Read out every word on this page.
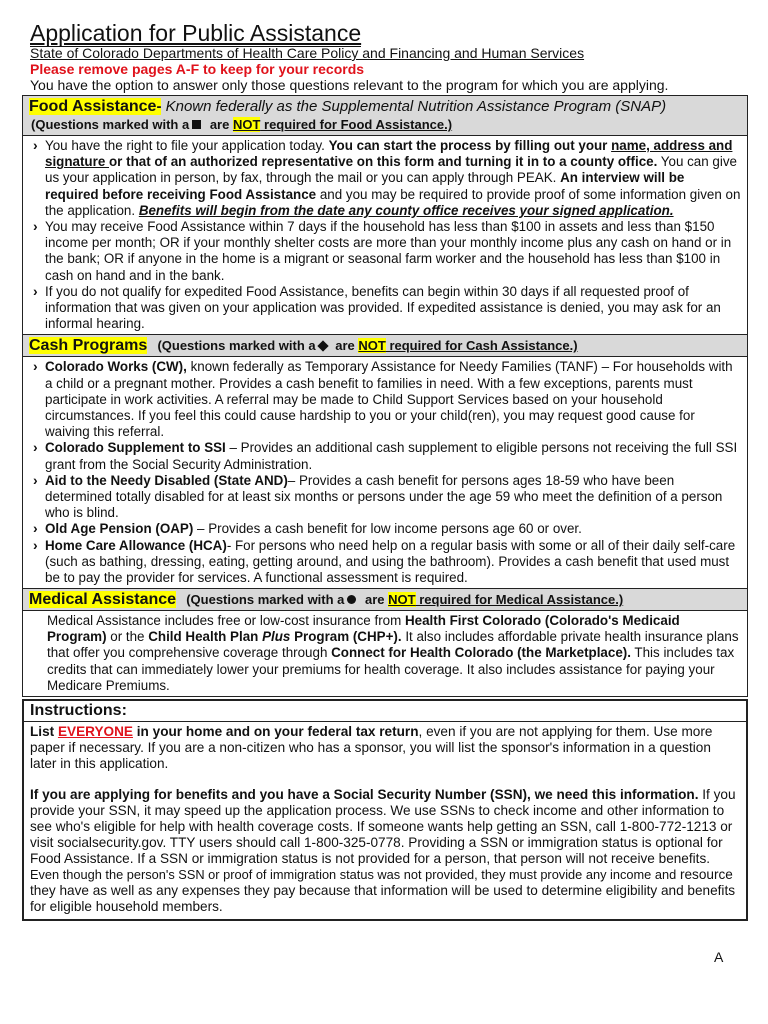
Application for Public Assistance
State of Colorado Departments of Health Care Policy and Financing and Human Services
Please remove pages A-F to keep for your records
You have the option to answer only those questions relevant to the program for which you are applying.
Food Assistance- Known federally as the Supplemental Nutrition Assistance Program (SNAP)
(Questions marked with a are NOT required for Food Assistance.)
› You have the right to file your application today. You can start the process by filling out your name, address and signature or that of an authorized representative on this form and turning it in to a county office. You can give us your application in person, by fax, through the mail or you can apply through PEAK. An interview will be required before receiving Food Assistance and you may be required to provide proof of some information given on the application. Benefits will begin from the date any county office receives your signed application.
› You may receive Food Assistance within 7 days if the household has less than $100 in assets and less than $150 income per month; OR if your monthly shelter costs are more than your monthly income plus any cash on hand or in the bank; OR if anyone in the home is a migrant or seasonal farm worker and the household has less than $100 in cash on hand and in the bank.
› If you do not qualify for expedited Food Assistance, benefits can begin within 30 days if all requested proof of information that was given on your application was provided. If expedited assistance is denied, you may ask for an informal hearing.
Cash Programs (Questions marked with a are NOT required for Cash Assistance.)
› Colorado Works (CW), known federally as Temporary Assistance for Needy Families (TANF) – For households with a child or a pregnant mother. Provides a cash benefit to families in need. With a few exceptions, parents must participate in work activities. A referral may be made to Child Support Services based on your household circumstances. If you feel this could cause hardship to you or your child(ren), you may request good cause for waiving this referral.
› Colorado Supplement to SSI – Provides an additional cash supplement to eligible persons not receiving the full SSI grant from the Social Security Administration.
› Aid to the Needy Disabled (State AND)– Provides a cash benefit for persons ages 18-59 who have been determined totally disabled for at least six months or persons under the age 59 who meet the definition of a person who is blind.
› Old Age Pension (OAP) – Provides a cash benefit for low income persons age 60 or over.
› Home Care Allowance (HCA)- For persons who need help on a regular basis with some or all of their daily self-care (such as bathing, dressing, eating, getting around, and using the bathroom). Provides a cash benefit that used must be to pay the provider for services. A functional assessment is required.
Medical Assistance (Questions marked with a are NOT required for Medical Assistance.)
Medical Assistance includes free or low-cost insurance from Health First Colorado (Colorado's Medicaid Program) or the Child Health Plan Plus Program (CHP+). It also includes affordable private health insurance plans that offer you comprehensive coverage through Connect for Health Colorado (the Marketplace). This includes tax credits that can immediately lower your premiums for health coverage. It also includes assistance for paying your Medicare Premiums.
Instructions:

List EVERYONE in your home and on your federal tax return, even if you are not applying for them. Use more paper if necessary. If you are a non-citizen who has a sponsor, you will list the sponsor's information in a question later in this application.

If you are applying for benefits and you have a Social Security Number (SSN), we need this information. If you provide your SSN, it may speed up the application process. We use SSNs to check income and other information to see who's eligible for help with health coverage costs. If someone wants help getting an SSN, call 1-800-772-1213 or visit socialsecurity.gov. TTY users should call 1-800-325-0778. Providing a SSN or immigration status is optional for Food Assistance. If a SSN or immigration status is not provided for a person, that person will not receive benefits. Even though the person's SSN or proof of immigration status was not provided, they must provide any income and resource they have as well as any expenses they pay because that information will be used to determine eligibility and benefits for eligible household members.

A
